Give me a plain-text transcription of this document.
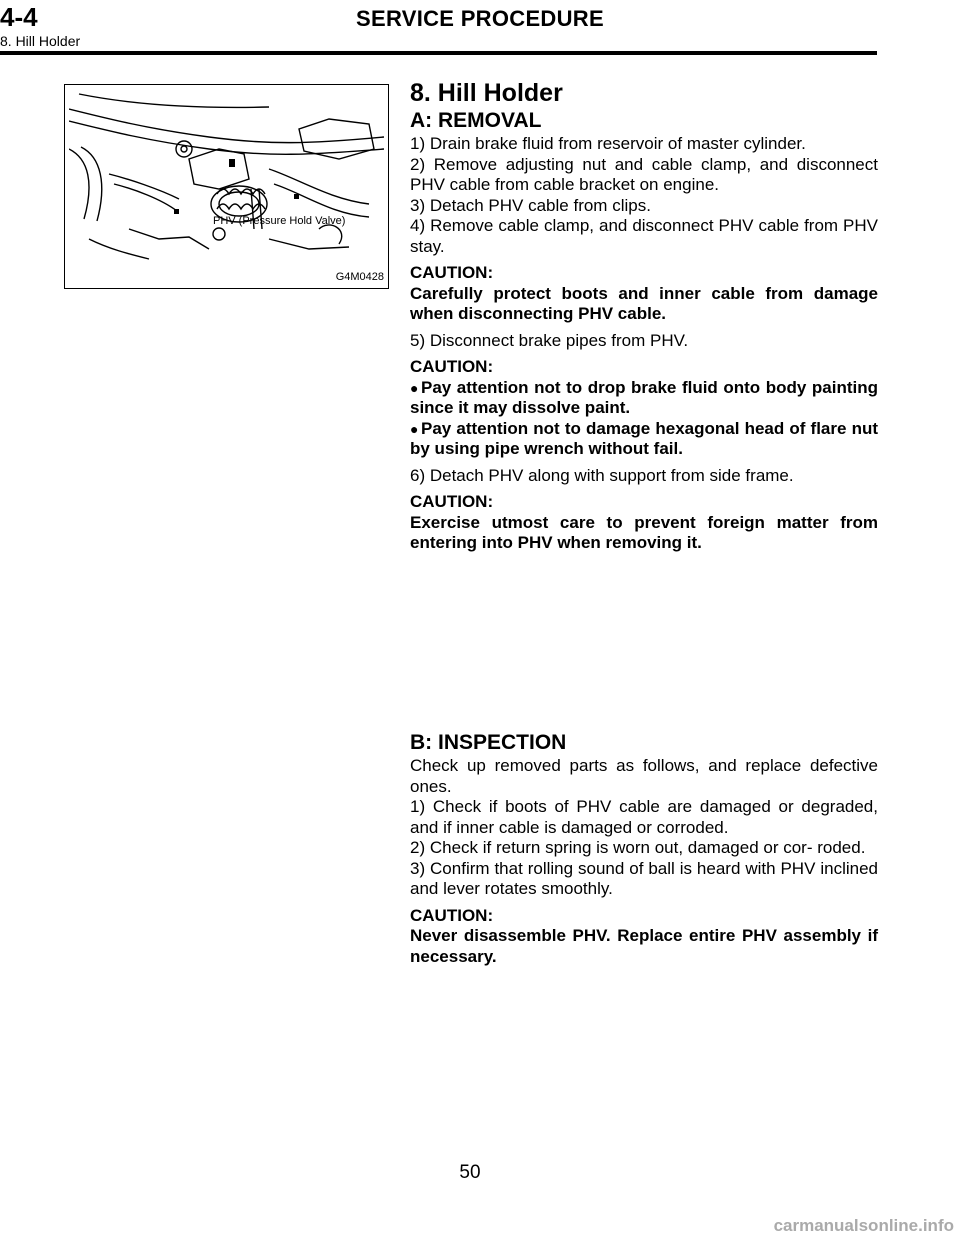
4-4	SERVICE PROCEDURE
8. Hill Holder
PHV (Pressure Hold Valve)
G4M0428

8. Hill Holder

A: REMOVAL

1) Drain brake fluid from reservoir of master cylinder.

2) Remove adjusting nut and cable clamp, and disconnect PHV cable from cable bracket on engine.

3) Detach PHV cable from clips.

4) Remove cable clamp, and disconnect PHV cable from PHV stay.

CAUTION:

Carefully protect boots and inner cable from damage when disconnecting PHV cable.

5) Disconnect brake pipes from PHV.

CAUTION:

● Pay attention not to drop brake fluid onto body painting since it may dissolve paint.

● Pay attention not to damage hexagonal head of flare nut by using pipe wrench without fail.

6) Detach PHV along with support from side frame.

CAUTION:

Exercise utmost care to prevent foreign matter from entering into PHV when removing it.

B: INSPECTION

Check up removed parts as follows, and replace defective ones.

1) Check if boots of PHV cable are damaged or degraded, and if inner cable is damaged or corroded.

2) Check if return spring is worn out, damaged or cor- roded.

3) Confirm that rolling sound of ball is heard with PHV inclined and lever rotates smoothly.

CAUTION:

Never disassemble PHV. Replace entire PHV assembly if necessary.

50
carmanualsonline.info
